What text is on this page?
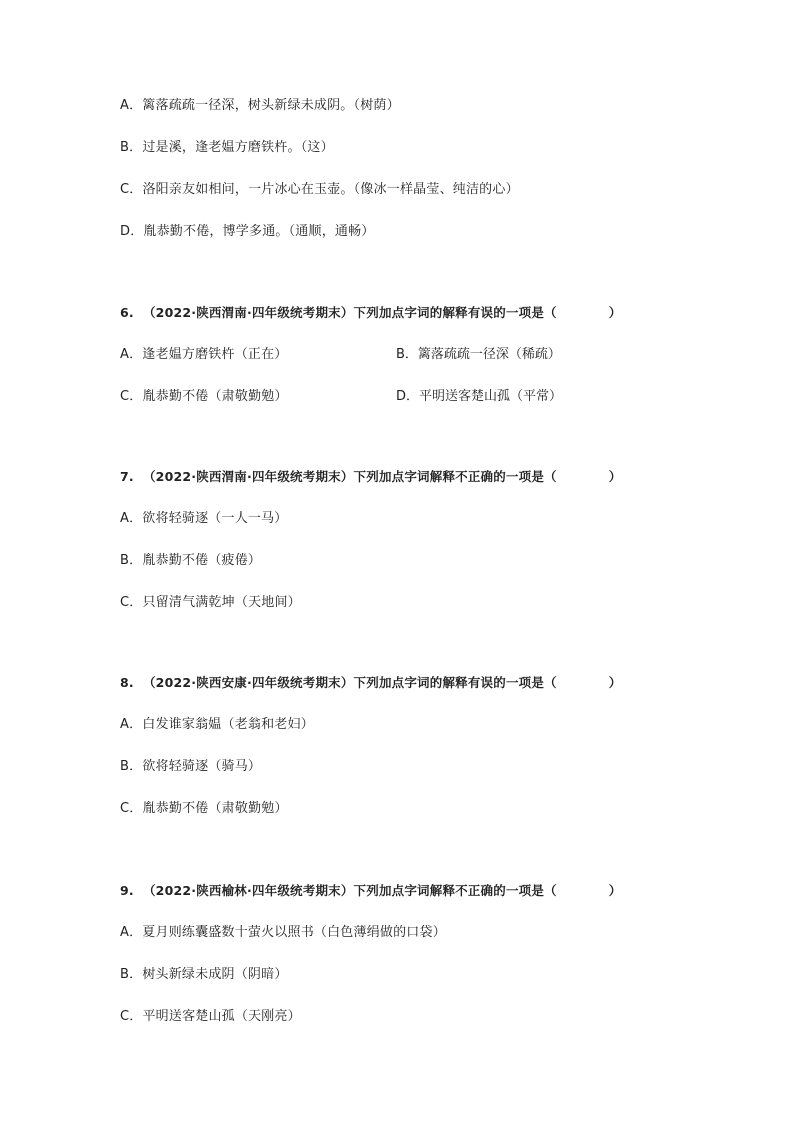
A．篱落疏疏一径深，树头新绿未成阴。（树荫）
B．过是溪，逢老媪方磨铁杵。（这）
C．洛阳亲友如相问，一片冰心在玉壶。（像冰一样晶莹、纯洁的心）
D．胤恭勤不倦，博学多通。（通顺，通畅）
6. （2022·陕西渭南·四年级统考期末）下列加点字词的解释有误的一项是（	）
A．逢老媪方磨铁杵（正在）	B．篱落疏疏一径深（稀疏）
C．胤恭勤不倦（肃敬勤勉）	D．平明送客楚山孤（平常）
7. （2022·陕西渭南·四年级统考期末）下列加点字词解释不正确的一项是（	）
A．欲将轻骑逐（一人一马）
B．胤恭勤不倦（疲倦）
C．只留清气满乾坤（天地间）
8. （2022·陕西安康·四年级统考期末）下列加点字词的解释有误的一项是（	）
A．白发谁家翁媪（老翁和老妇）
B．欲将轻骑逐（骑马）
C．胤恭勤不倦（肃敬勤勉）
9. （2022·陕西榆林·四年级统考期末）下列加点字词解释不正确的一项是（	）
A．夏月则练囊盛数十萤火以照书（白色薄绢做的口袋）
B．树头新绿未成阴（阴暗）
C．平明送客楚山孤（天刚亮）
